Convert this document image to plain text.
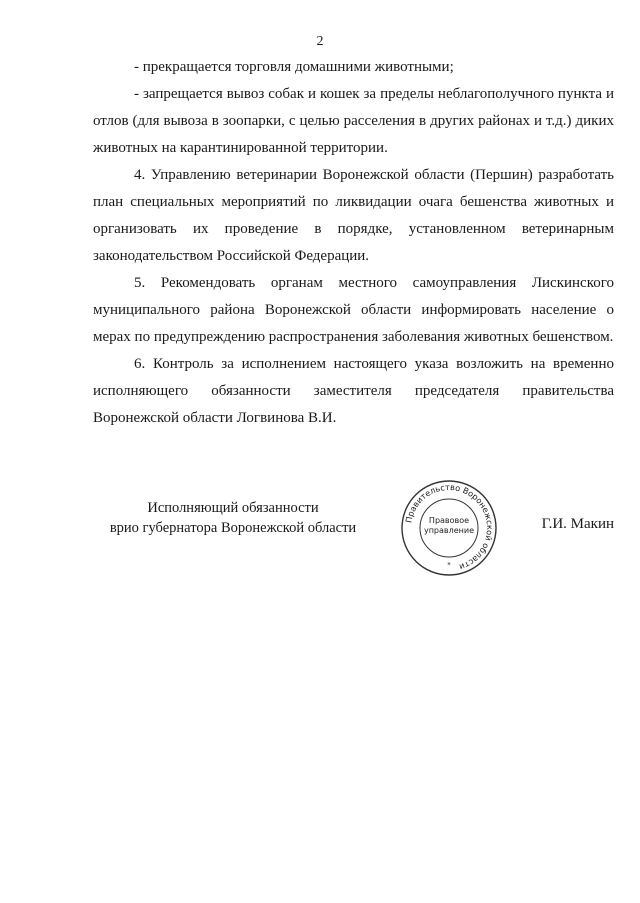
2

- прекращается торговля домашними животными;

- запрещается вывоз собак и кошек за пределы неблагополучного пункта и отлов (для вывоза в зоопарки, с целью расселения в других районах и т.д.) диких животных на карантинированной территории.

4. Управлению ветеринарии Воронежской области (Першин) разработать план специальных мероприятий по ликвидации очага бешенства животных и организовать их проведение в порядке, установленном ветеринарным законодательством Российской Федерации.

5. Рекомендовать органам местного самоуправления Лискинского муниципального района Воронежской области информировать население о мерах по предупреждению распространения заболевания животных бешенством.

6. Контроль за исполнением настоящего указа возложить на временно исполняющего обязанности заместителя председателя правительства Воронежской области Логвинова В.И.

Исполняющий обязанности
врио губернатора Воронежской области
Правительство Воронежской области
Правовое
управление
*
Г.И. Макин
